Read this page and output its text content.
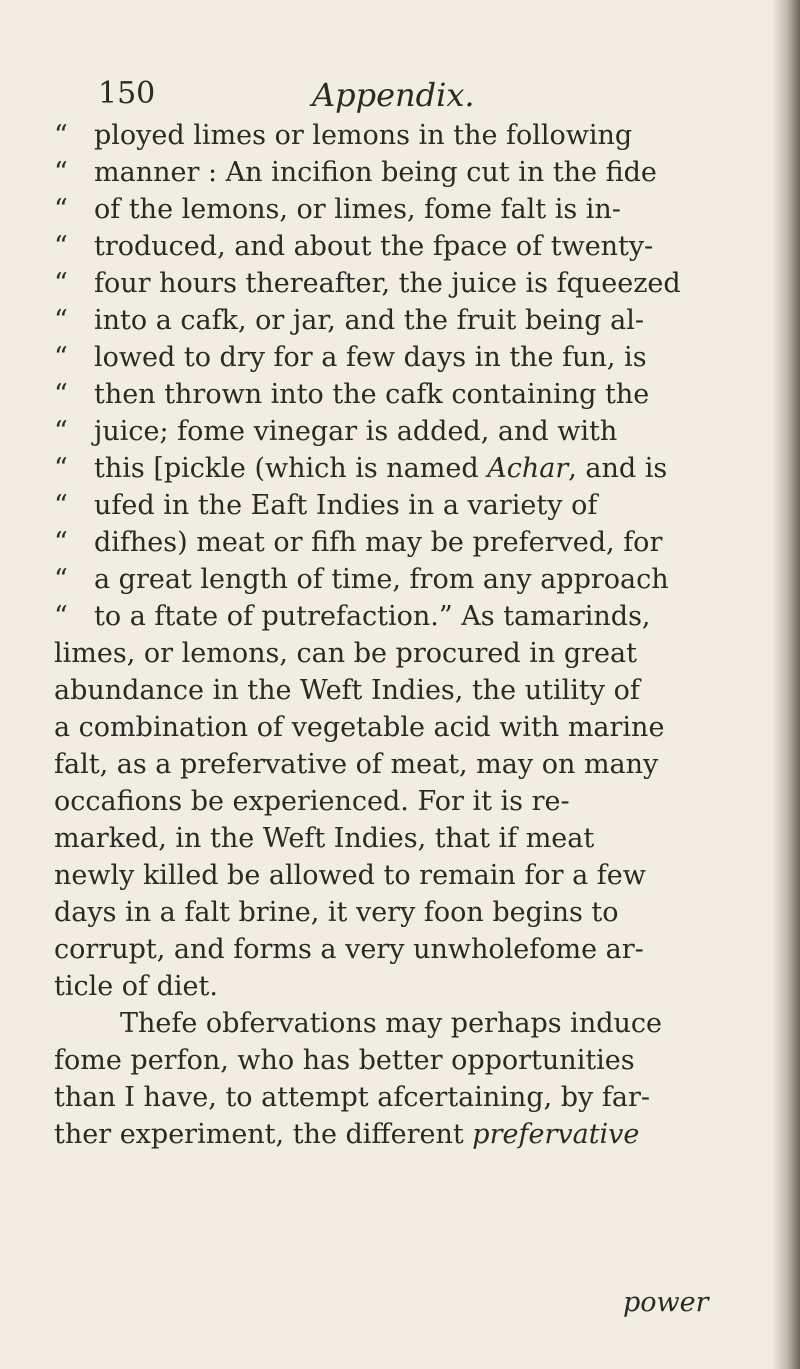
150	Appendix.
“ ployed limes or lemons in the following
“ manner : An incifion being cut in the fide
“ of the lemons, or limes, fome falt is in-
“ troduced, and about the fpace of twenty-
“ four hours thereafter, the juice is fqueezed
“ into a cafk, or jar, and the fruit being al-
“ lowed to dry for a few days in the fun, is
“ then thrown into the cafk containing the
“ juice; fome vinegar is added, and with
“ this [pickle (which is named Achar, and is
“ ufed in the Eaft Indies in a variety of
“ difhes) meat or fifh may be preferved, for
“ a great length of time, from any approach
“ to a ftate of putrefaction.” As tamarinds,
limes, or lemons, can be procured in great
abundance in the Weft Indies, the utility of
a combination of vegetable acid with marine
falt, as a prefervative of meat, may on many
occafions be experienced. For it is re-
marked, in the Weft Indies, that if meat
newly killed be allowed to remain for a few
days in a falt brine, it very foon begins to
corrupt, and forms a very unwholefome ar-
ticle of diet.
Thefe obfervations may perhaps induce
fome perfon, who has better opportunities
than I have, to attempt afcertaining, by far-
ther experiment, the different prefervative
power
